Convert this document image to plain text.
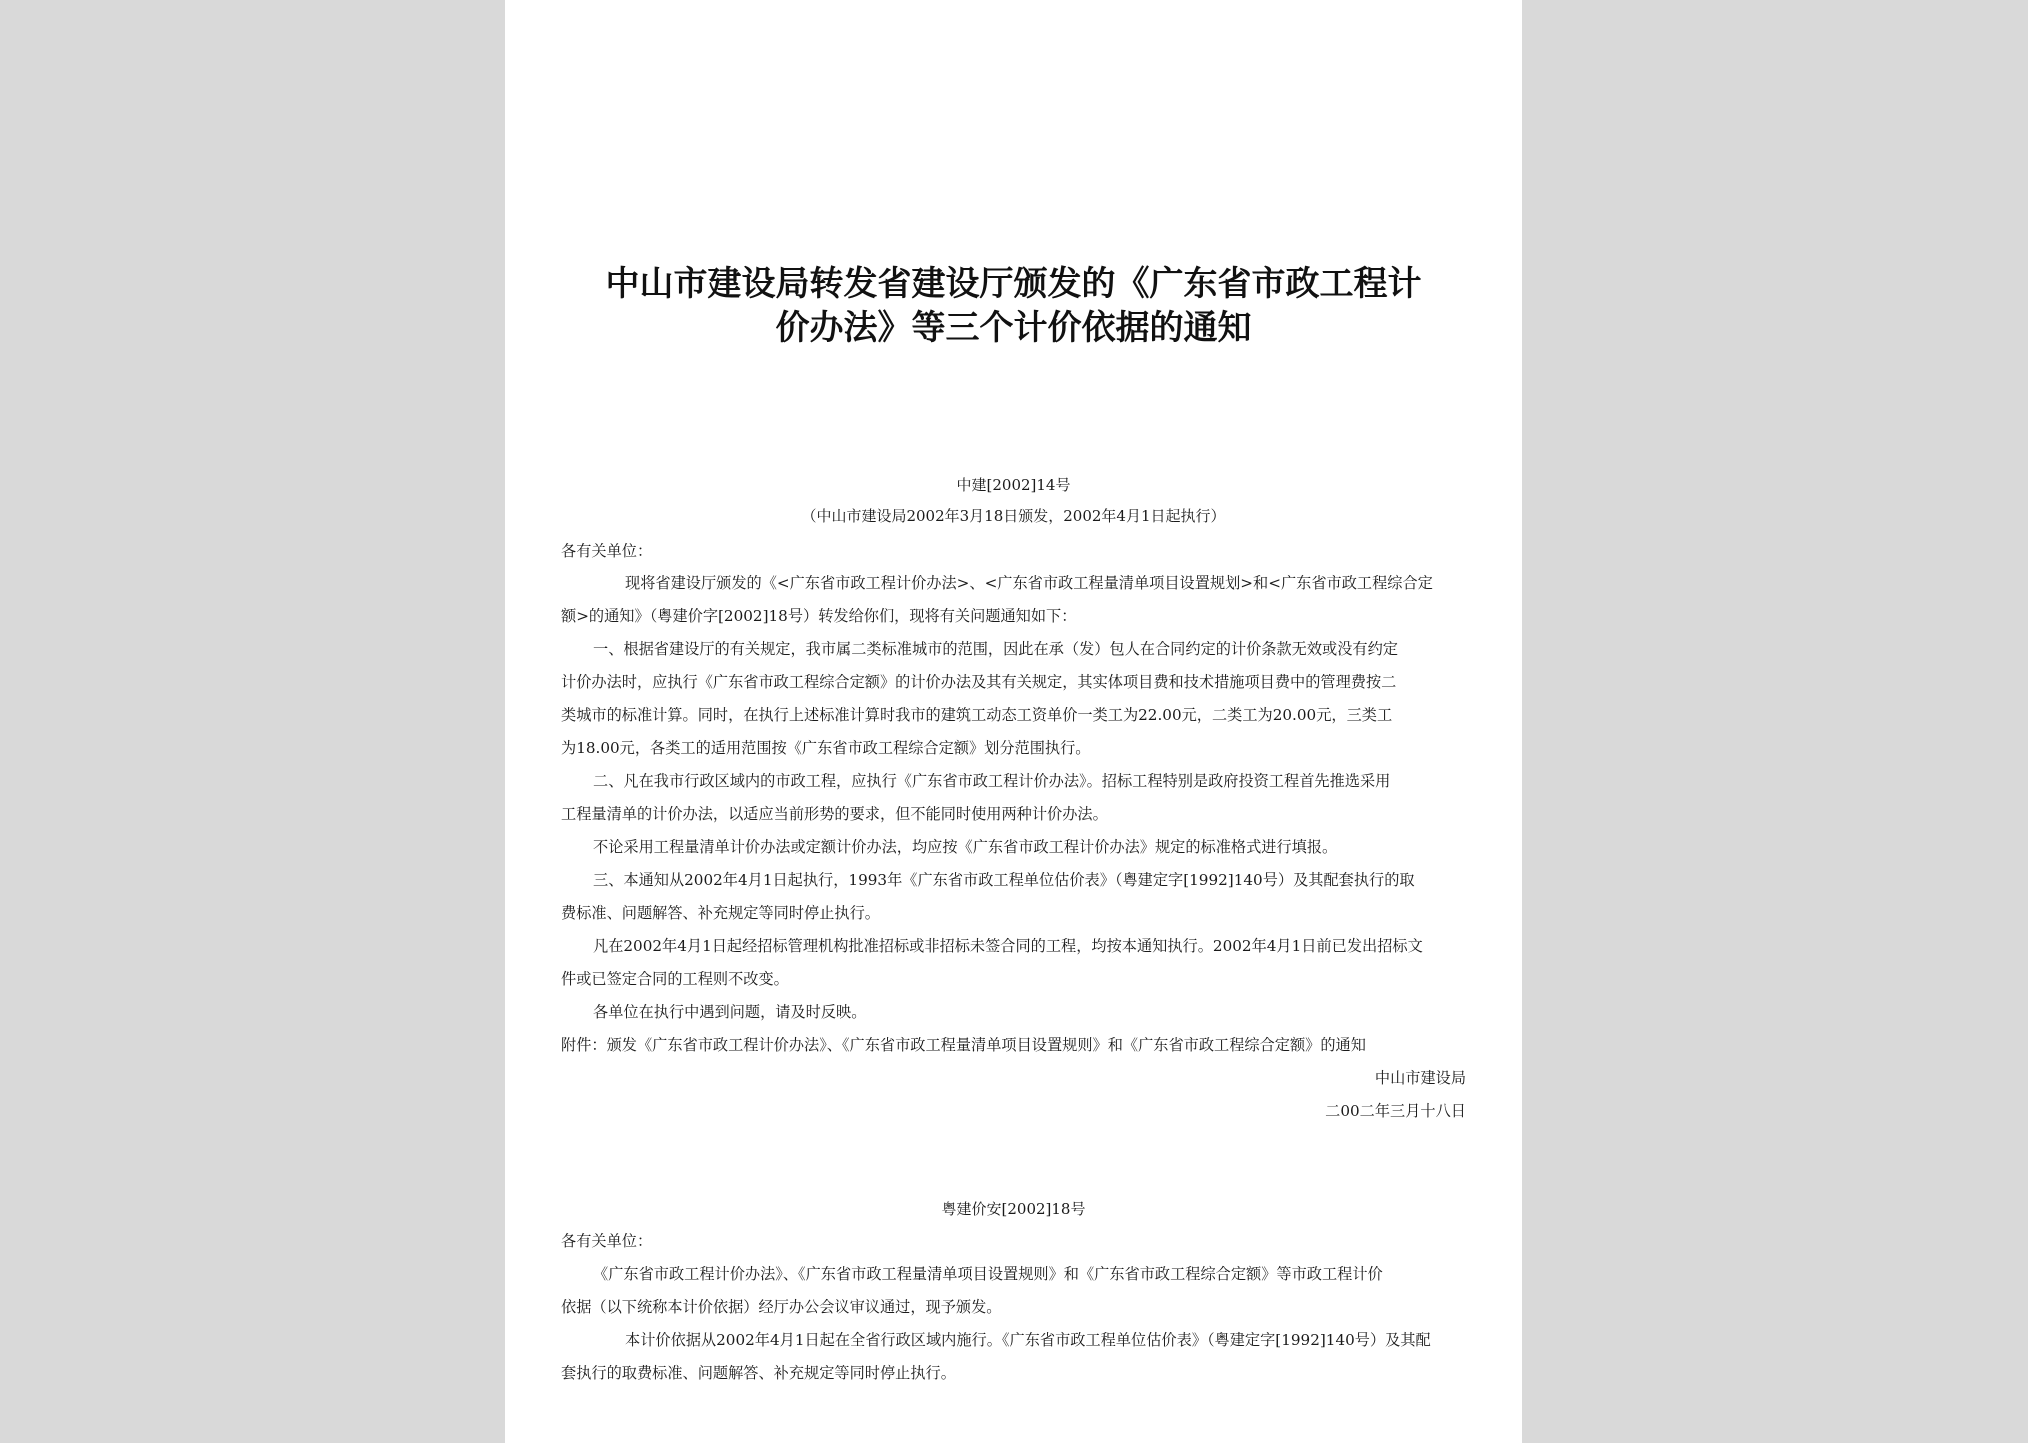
中山市建设局转发省建设厅颁发的《广东省市政工程计
价办法》等三个计价依据的通知
中建[2002]14号
（中山市建设局2002年3月18日颁发，2002年4月1日起执行）
各有关单位：
现将省建设厅颁发的《<广东省市政工程计价办法>、<广东省市政工程量清单项目设置规划>和<广东省市政工程综合定
额>的通知》（粤建价字[2002]18号）转发给你们，现将有关问题通知如下：
一、根据省建设厅的有关规定，我市属二类标准城市的范围，因此在承（发）包人在合同约定的计价条款无效或没有约定
计价办法时，应执行《广东省市政工程综合定额》的计价办法及其有关规定，其实体项目费和技术措施项目费中的管理费按二
类城市的标准计算。同时，在执行上述标准计算时我市的建筑工动态工资单价一类工为22.00元，二类工为20.00元，三类工
为18.00元，各类工的适用范围按《广东省市政工程综合定额》划分范围执行。
二、凡在我市行政区域内的市政工程，应执行《广东省市政工程计价办法》。招标工程特别是政府投资工程首先推选采用
工程量清单的计价办法，以适应当前形势的要求，但不能同时使用两种计价办法。
不论采用工程量清单计价办法或定额计价办法，均应按《广东省市政工程计价办法》规定的标准格式进行填报。
三、本通知从2002年4月1日起执行，1993年《广东省市政工程单位估价表》（粤建定字[1992]140号）及其配套执行的取
费标准、问题解答、补充规定等同时停止执行。
凡在2002年4月1日起经招标管理机构批准招标或非招标未签合同的工程，均按本通知执行。2002年4月1日前已发出招标文
件或已签定合同的工程则不改变。
各单位在执行中遇到问题，请及时反映。
附件：颁发《广东省市政工程计价办法》、《广东省市政工程量清单项目设置规则》和《广东省市政工程综合定额》的通知
中山市建设局
二00二年三月十八日
粤建价安[2002]18号
各有关单位：
《广东省市政工程计价办法》、《广东省市政工程量清单项目设置规则》和《广东省市政工程综合定额》等市政工程计价
依据（以下统称本计价依据）经厅办公会议审议通过，现予颁发。
本计价依据从2002年4月1日起在全省行政区域内施行。《广东省市政工程单位估价表》（粤建定字[1992]140号）及其配
套执行的取费标准、问题解答、补充规定等同时停止执行。
